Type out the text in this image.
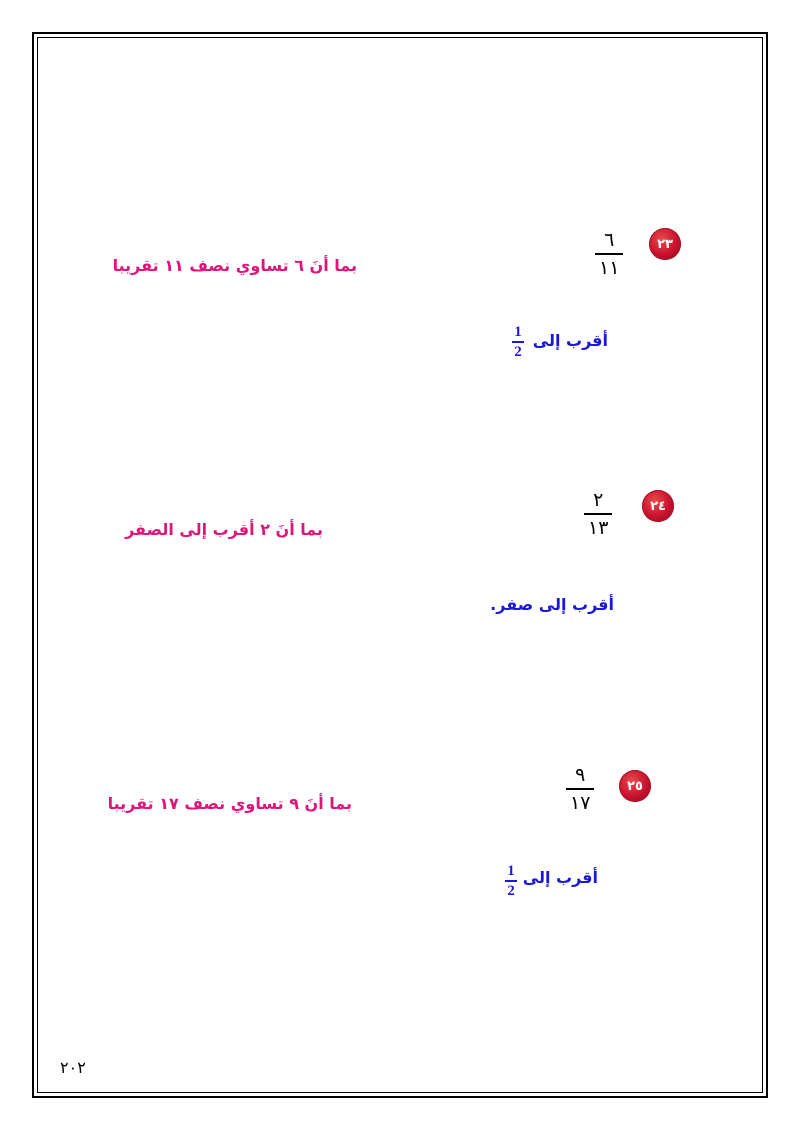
٢٣
٦
١١
بما أنَ ٦ تساوي نصف ١١ تقريبا
أقرب إلى
1
2
٢٤
٢
١٣
بما أنَ ٢ أقرب إلى الصفر
أقرب إلى صفر.
٢٥
٩
١٧
بما أنَ ٩ تساوي نصف ١٧ تقريبا
أقرب إلى
1
2
٢٠٢
